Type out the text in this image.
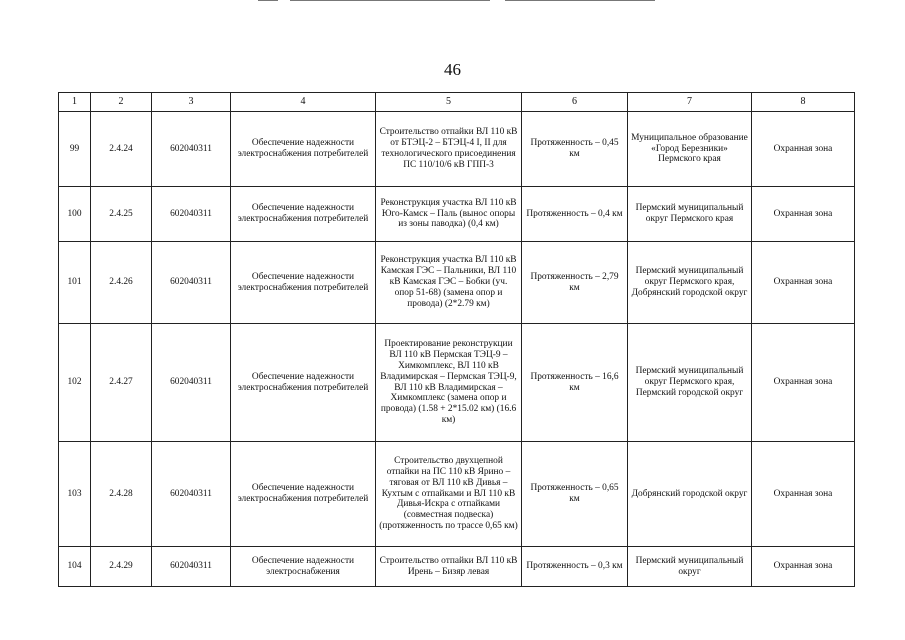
46
1	2	3	4	5	6	7	8
99	2.4.24	602040311	Обеспечение надежности электроснабжения потребителей	Строительство отпайки ВЛ 110 кВ от БТЭЦ-2 – БТЭЦ-4 I, II для технологического присоединения ПС 110/10/6 кВ ГПП-3	Протяженность – 0,45 км	Муниципальное образование «Город Березники» Пермского края	Охранная зона
100	2.4.25	602040311	Обеспечение надежности электроснабжения потребителей	Реконструкция участка ВЛ 110 кВ Юго-Камск – Паль (вынос опоры из зоны паводка) (0,4 км)	Протяженность – 0,4 км	Пермский муниципальный округ Пермского края	Охранная зона
101	2.4.26	602040311	Обеспечение надежности электроснабжения потребителей	Реконструкция участка ВЛ 110 кВ Камская ГЭС – Пальники, ВЛ 110 кВ Камская ГЭС – Бобки (уч. опор 51-68) (замена опор и провода) (2*2.79 км)	Протяженность – 2,79 км	Пермский муниципальный округ Пермского края, Добрянский городской округ	Охранная зона
102	2.4.27	602040311	Обеспечение надежности электроснабжения потребителей	Проектирование реконструкции ВЛ 110 кВ Пермская ТЭЦ-9 – Химкомплекс, ВЛ 110 кВ Владимирская – Пермская ТЭЦ-9, ВЛ 110 кВ Владимирская – Химкомплекс (замена опор и провода) (1.58 + 2*15.02 км) (16.6 км)	Протяженность – 16,6 км	Пермский муниципальный округ Пермского края, Пермский городской округ	Охранная зона
103	2.4.28	602040311	Обеспечение надежности электроснабжения потребителей	Строительство двухцепной отпайки на ПС 110 кВ Ярино – тяговая от ВЛ 110 кВ Дивья – Кухтым с отпайками и ВЛ 110 кВ Дивья-Искра с отпайками (совместная подвеска) (протяженность по трассе 0,65 км)	Протяженность – 0,65 км	Добрянский городской округ	Охранная зона
104	2.4.29	602040311	Обеспечение надежности электроснабжения	Строительство отпайки ВЛ 110 кВ Ирень – Бизяр левая	Протяженность – 0,3 км	Пермский муниципальный округ	Охранная зона
